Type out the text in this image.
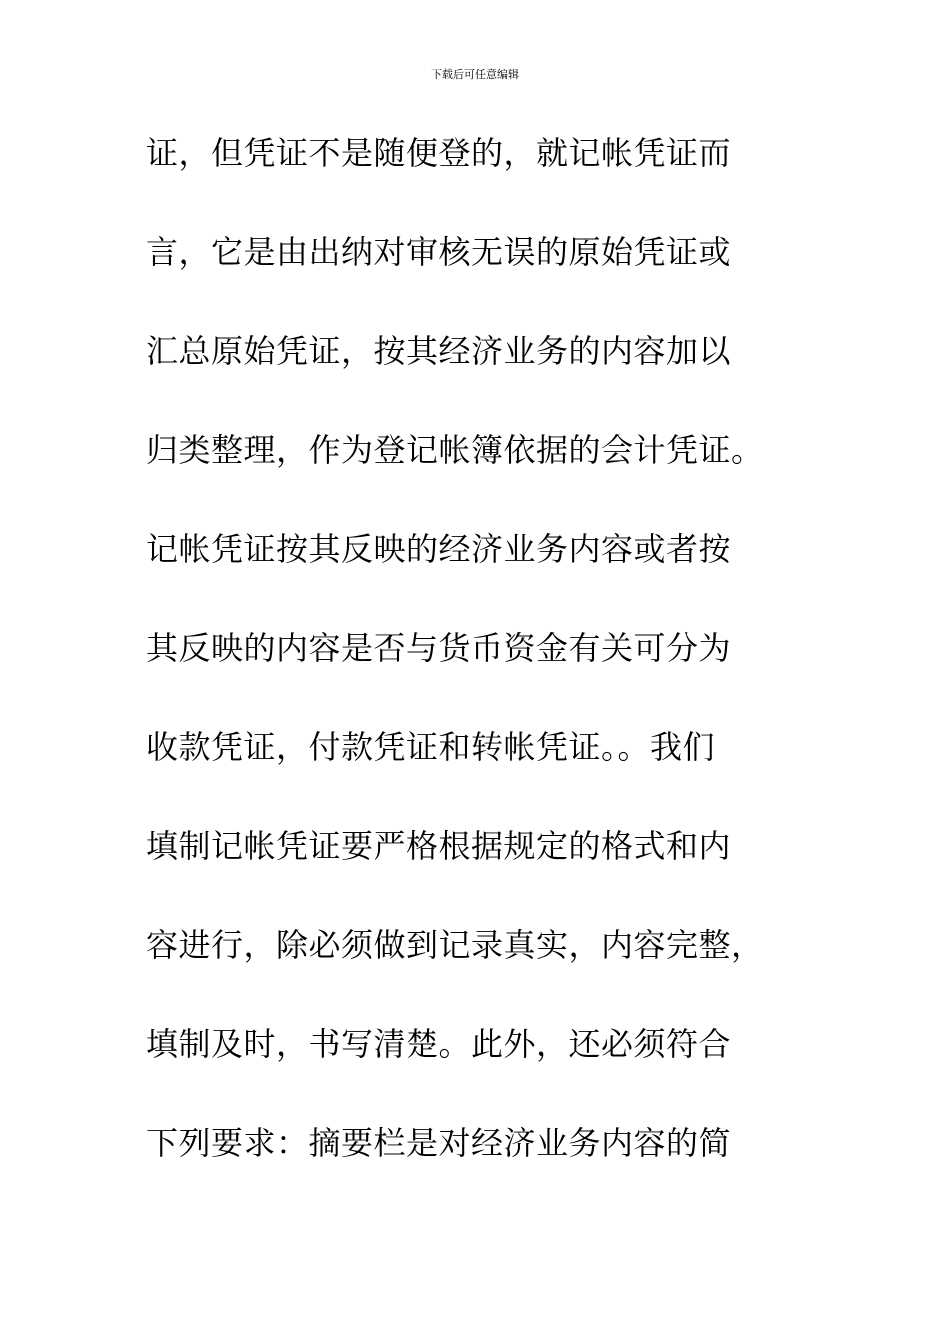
下载后可任意编辑
证，但凭证不是随便登的，就记帐凭证而
言，它是由出纳对审核无误的原始凭证或
汇总原始凭证，按其经济业务的内容加以
归类整理，作为登记帐簿依据的会计凭证。
记帐凭证按其反映的经济业务内容或者按
其反映的内容是否与货币资金有关可分为
收款凭证，付款凭证和转帐凭证。。我们
填制记帐凭证要严格根据规定的格式和内
容进行，除必须做到记录真实，内容完整，
填制及时，书写清楚。此外，还必须符合
下列要求：摘要栏是对经济业务内容的简
